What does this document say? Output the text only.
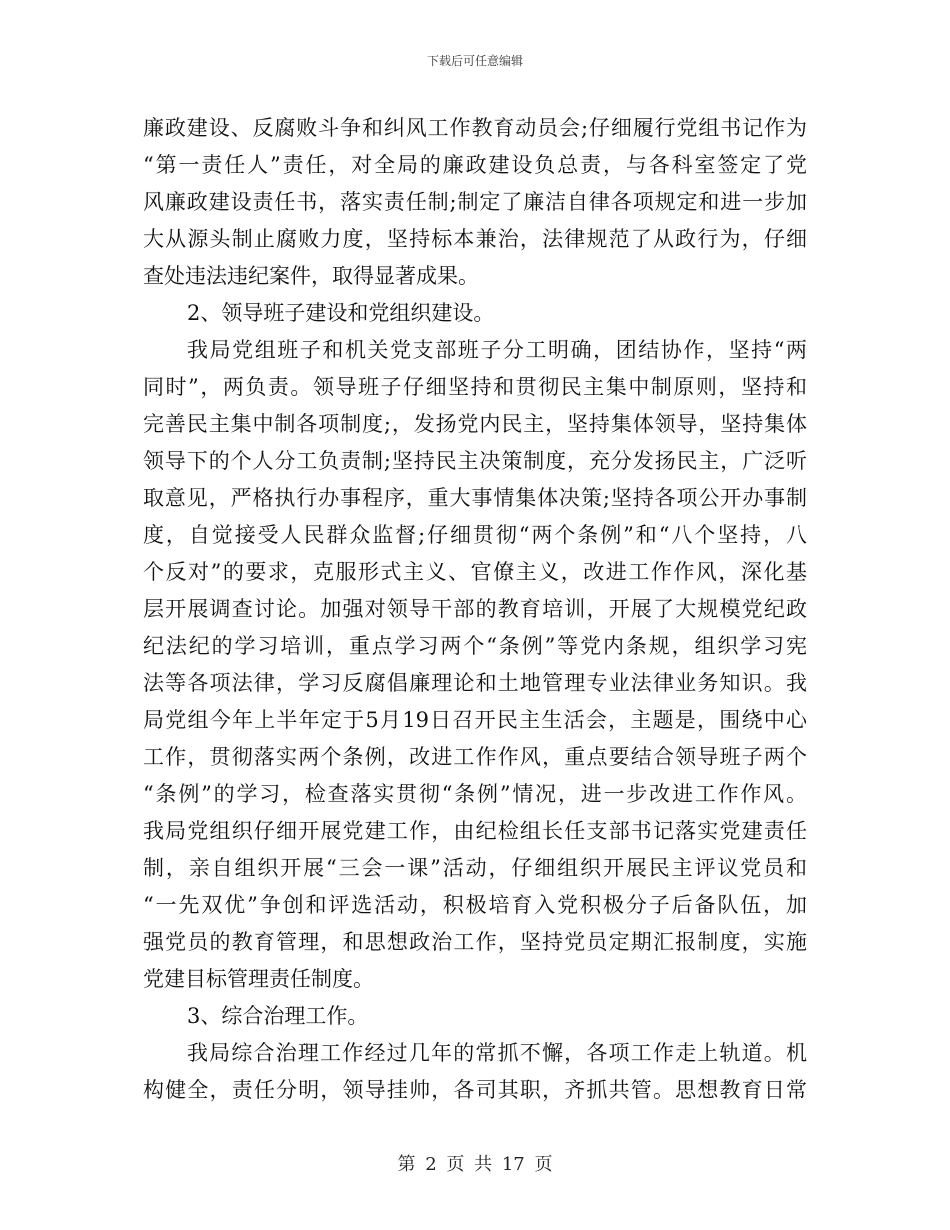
下载后可任意编辑
廉政建设、反腐败斗争和纠风工作教育动员会;仔细履行党组书记作为
“第一责任人”责任，对全局的廉政建设负总责，与各科室签定了党
风廉政建设责任书，落实责任制;制定了廉洁自律各项规定和进一步加
大从源头制止腐败力度，坚持标本兼治，法律规范了从政行为，仔细
查处违法违纪案件，取得显著成果。
2、领导班子建设和党组织建设。
我局党组班子和机关党支部班子分工明确，团结协作，坚持“两
同时”，两负责。领导班子仔细坚持和贯彻民主集中制原则，坚持和
完善民主集中制各项制度;，发扬党内民主，坚持集体领导，坚持集体
领导下的个人分工负责制;坚持民主决策制度，充分发扬民主，广泛听
取意见，严格执行办事程序，重大事情集体决策;坚持各项公开办事制
度，自觉接受人民群众监督;仔细贯彻“两个条例”和“八个坚持，八
个反对”的要求，克服形式主义、官僚主义，改进工作作风，深化基
层开展调查讨论。加强对领导干部的教育培训，开展了大规模党纪政
纪法纪的学习培训，重点学习两个“条例”等党内条规，组织学习宪
法等各项法律，学习反腐倡廉理论和土地管理专业法律业务知识。我
局党组今年上半年定于5月19日召开民主生活会，主题是，围绕中心
工作，贯彻落实两个条例，改进工作作风，重点要结合领导班子两个
“条例”的学习，检查落实贯彻“条例”情况，进一步改进工作作风。
我局党组织仔细开展党建工作，由纪检组长任支部书记落实党建责任
制，亲自组织开展“三会一课”活动，仔细组织开展民主评议党员和
“一先双优”争创和评选活动，积极培育入党积极分子后备队伍，加
强党员的教育管理，和思想政治工作，坚持党员定期汇报制度，实施
党建目标管理责任制度。
3、综合治理工作。
我局综合治理工作经过几年的常抓不懈，各项工作走上轨道。机
构健全，责任分明，领导挂帅，各司其职，齐抓共管。思想教育日常
第 2 页 共 17 页
